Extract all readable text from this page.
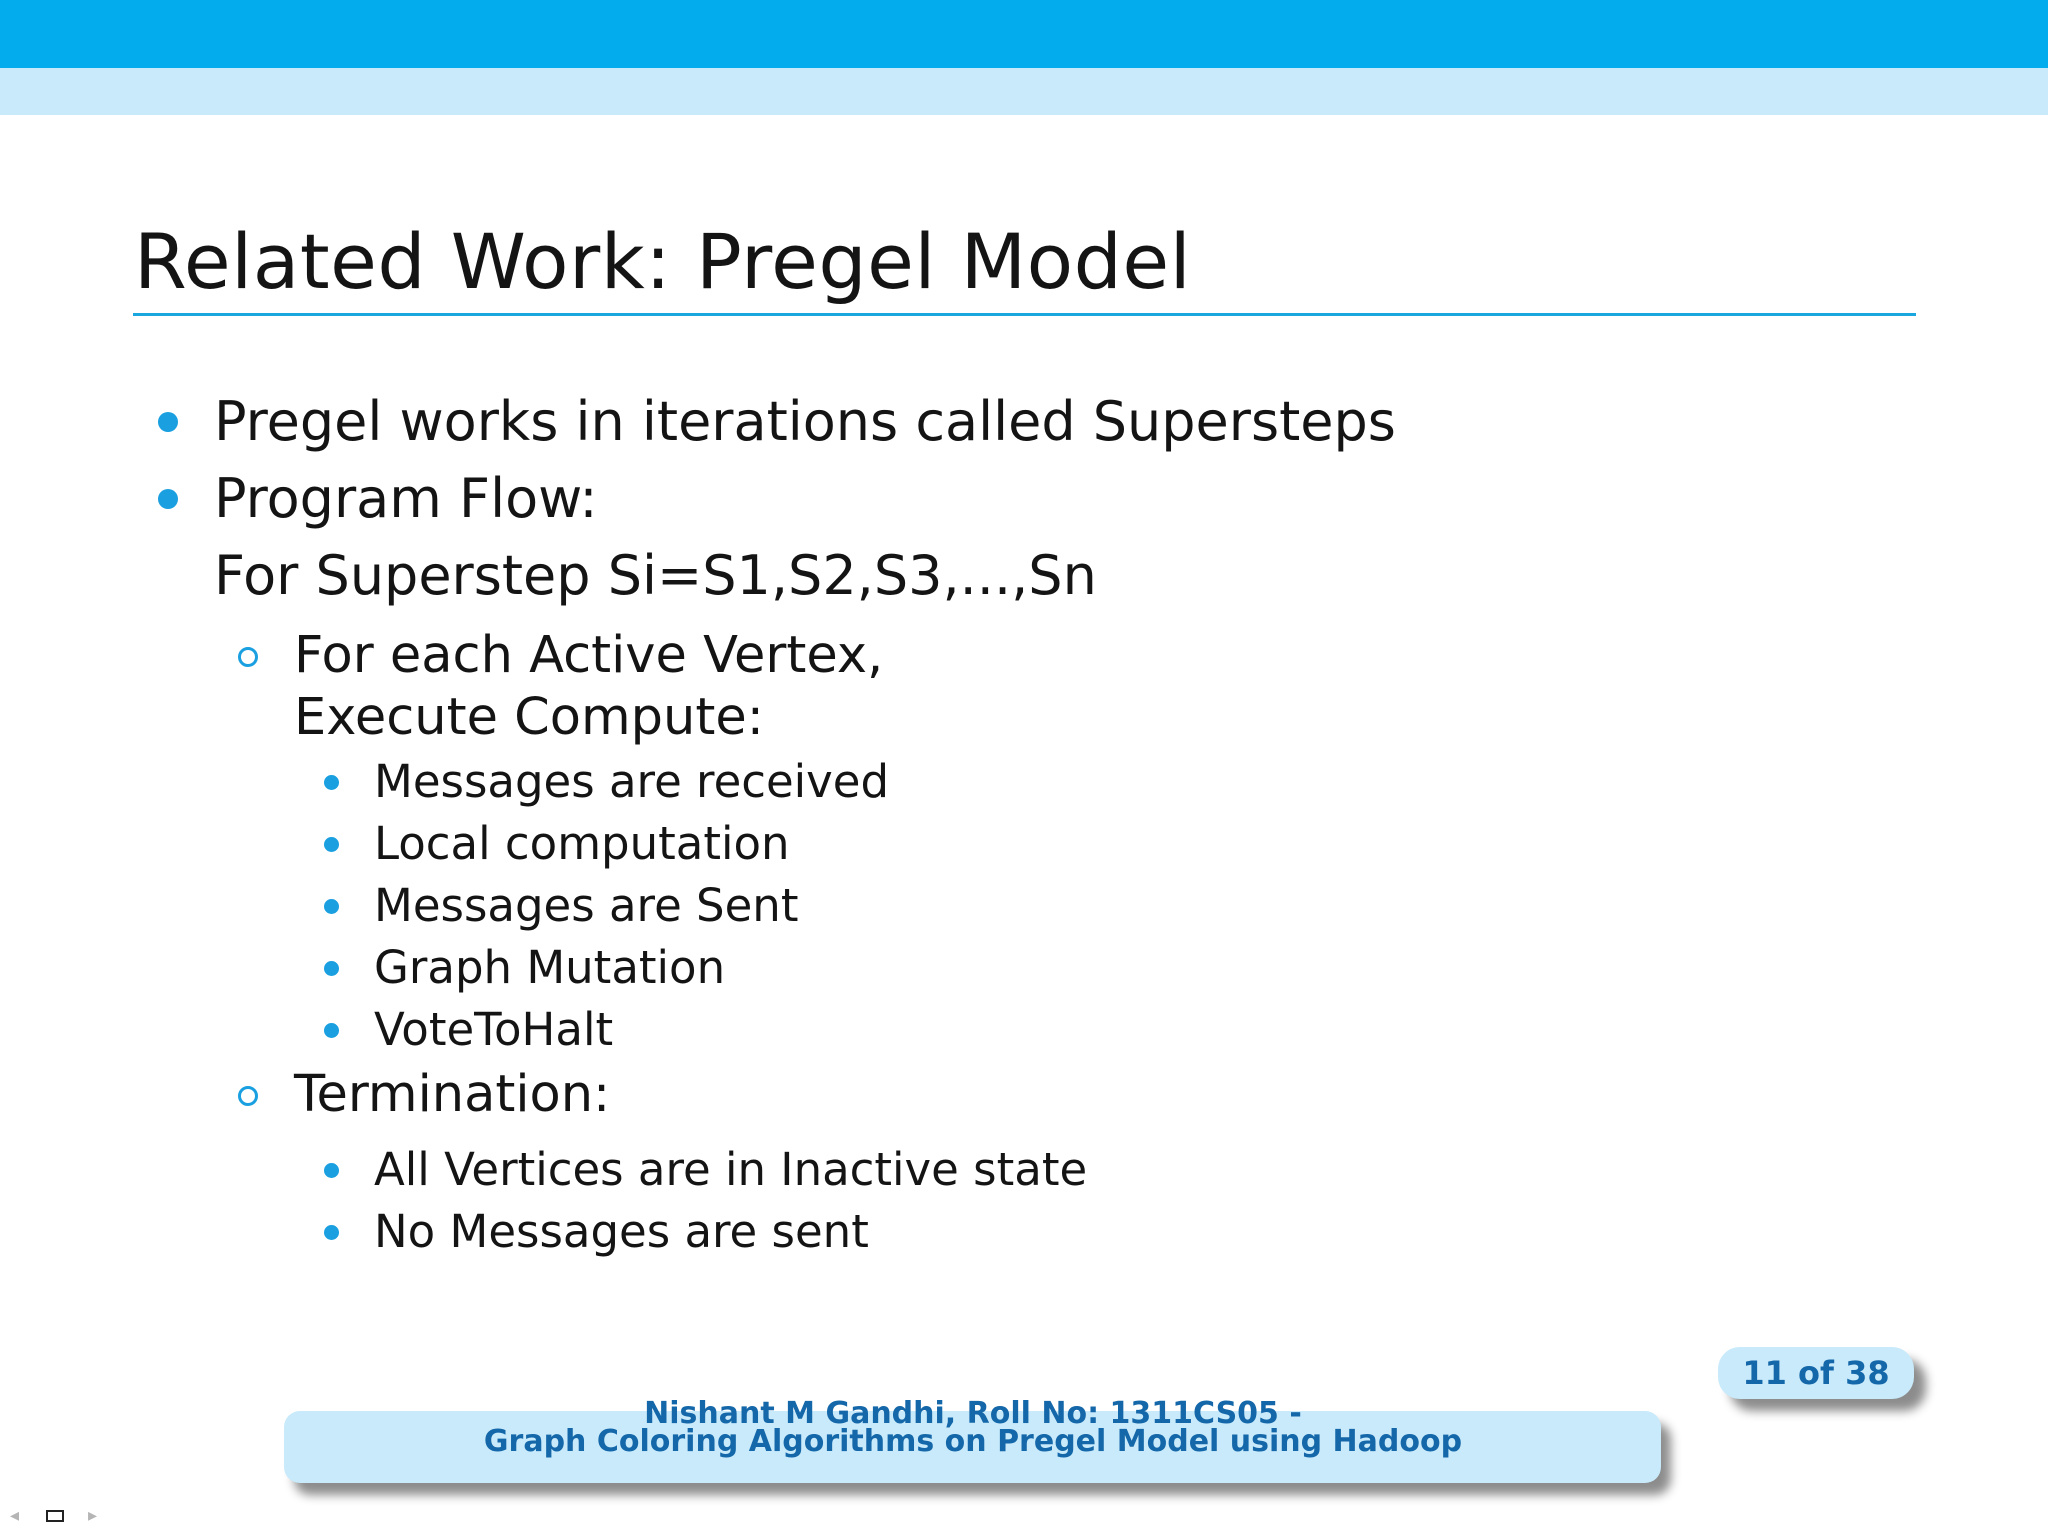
Related Work: Pregel Model
Pregel works in iterations called Supersteps
Program Flow:
For Superstep Si=S1,S2,S3,...,Sn
For each Active Vertex,
Execute Compute:
Messages are received
Local computation
Messages are Sent
Graph Mutation
VoteToHalt
Termination:
All Vertices are in Inactive state
No Messages are sent
11 of 38
Nishant M Gandhi, Roll No: 1311CS05 -
Graph Coloring Algorithms on Pregel Model using Hadoop
◂	▸
